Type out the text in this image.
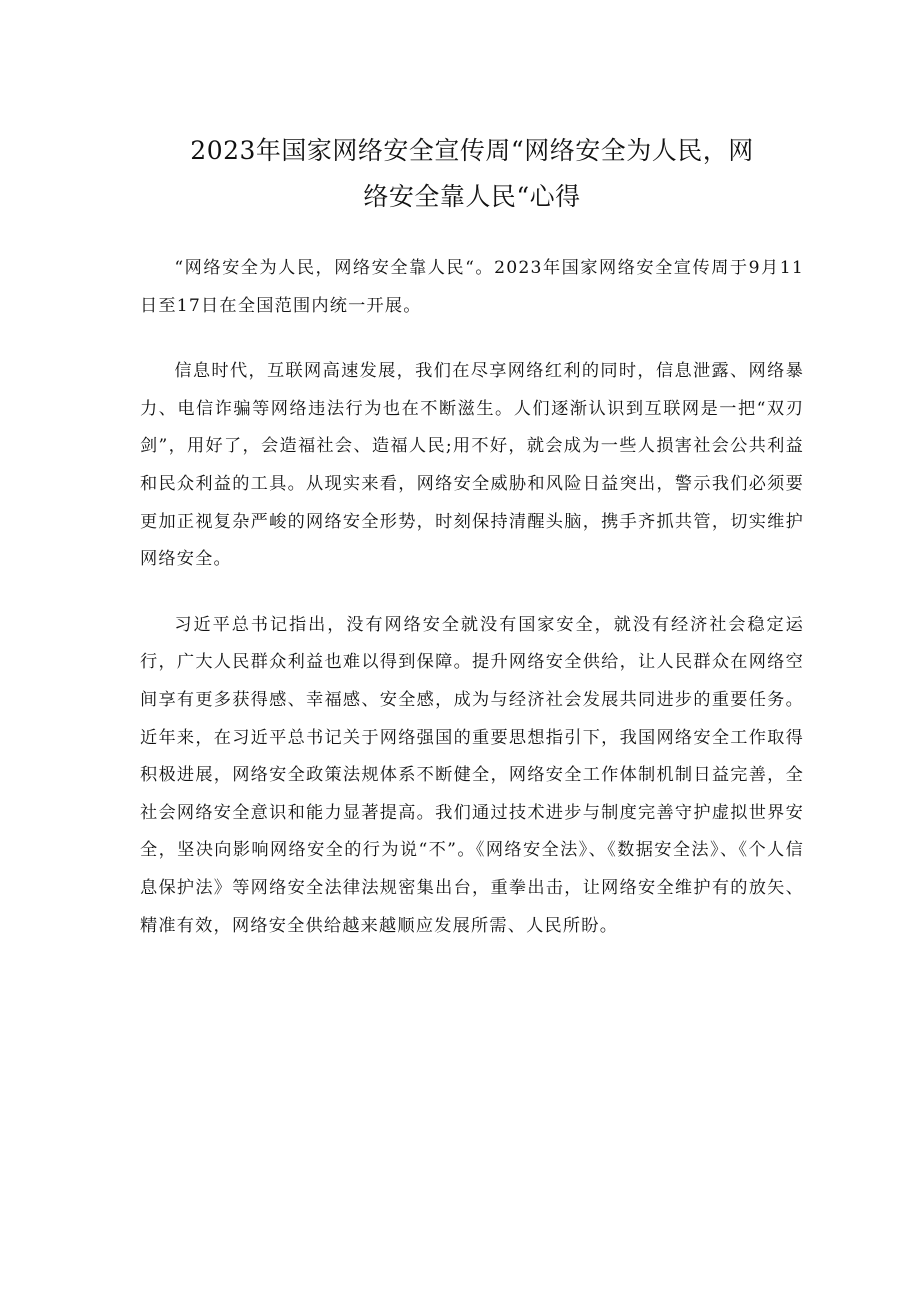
2023年国家网络安全宣传周“网络安全为人民，网
络安全靠人民“心得

“网络安全为人民，网络安全靠人民“。2023年国家网络安全宣传周于9月11日至17日在全国范围内统一开展。

信息时代，互联网高速发展，我们在尽享网络红利的同时，信息泄露、网络暴力、电信诈骗等网络违法行为也在不断滋生。人们逐渐认识到互联网是一把“双刃剑”，用好了，会造福社会、造福人民;用不好，就会成为一些人损害社会公共利益和民众利益的工具。从现实来看，网络安全威胁和风险日益突出，警示我们必须要更加正视复杂严峻的网络安全形势，时刻保持清醒头脑，携手齐抓共管，切实维护网络安全。

习近平总书记指出，没有网络安全就没有国家安全，就没有经济社会稳定运行，广大人民群众利益也难以得到保障。提升网络安全供给，让人民群众在网络空间享有更多获得感、幸福感、安全感，成为与经济社会发展共同进步的重要任务。近年来，在习近平总书记关于网络强国的重要思想指引下，我国网络安全工作取得积极进展，网络安全政策法规体系不断健全，网络安全工作体制机制日益完善，全社会网络安全意识和能力显著提高。我们通过技术进步与制度完善守护虚拟世界安全，坚决向影响网络安全的行为说“不”。《网络安全法》、《数据安全法》、《个人信息保护法》等网络安全法律法规密集出台，重拳出击，让网络安全维护有的放矢、精准有效，网络安全供给越来越顺应发展所需、人民所盼。
